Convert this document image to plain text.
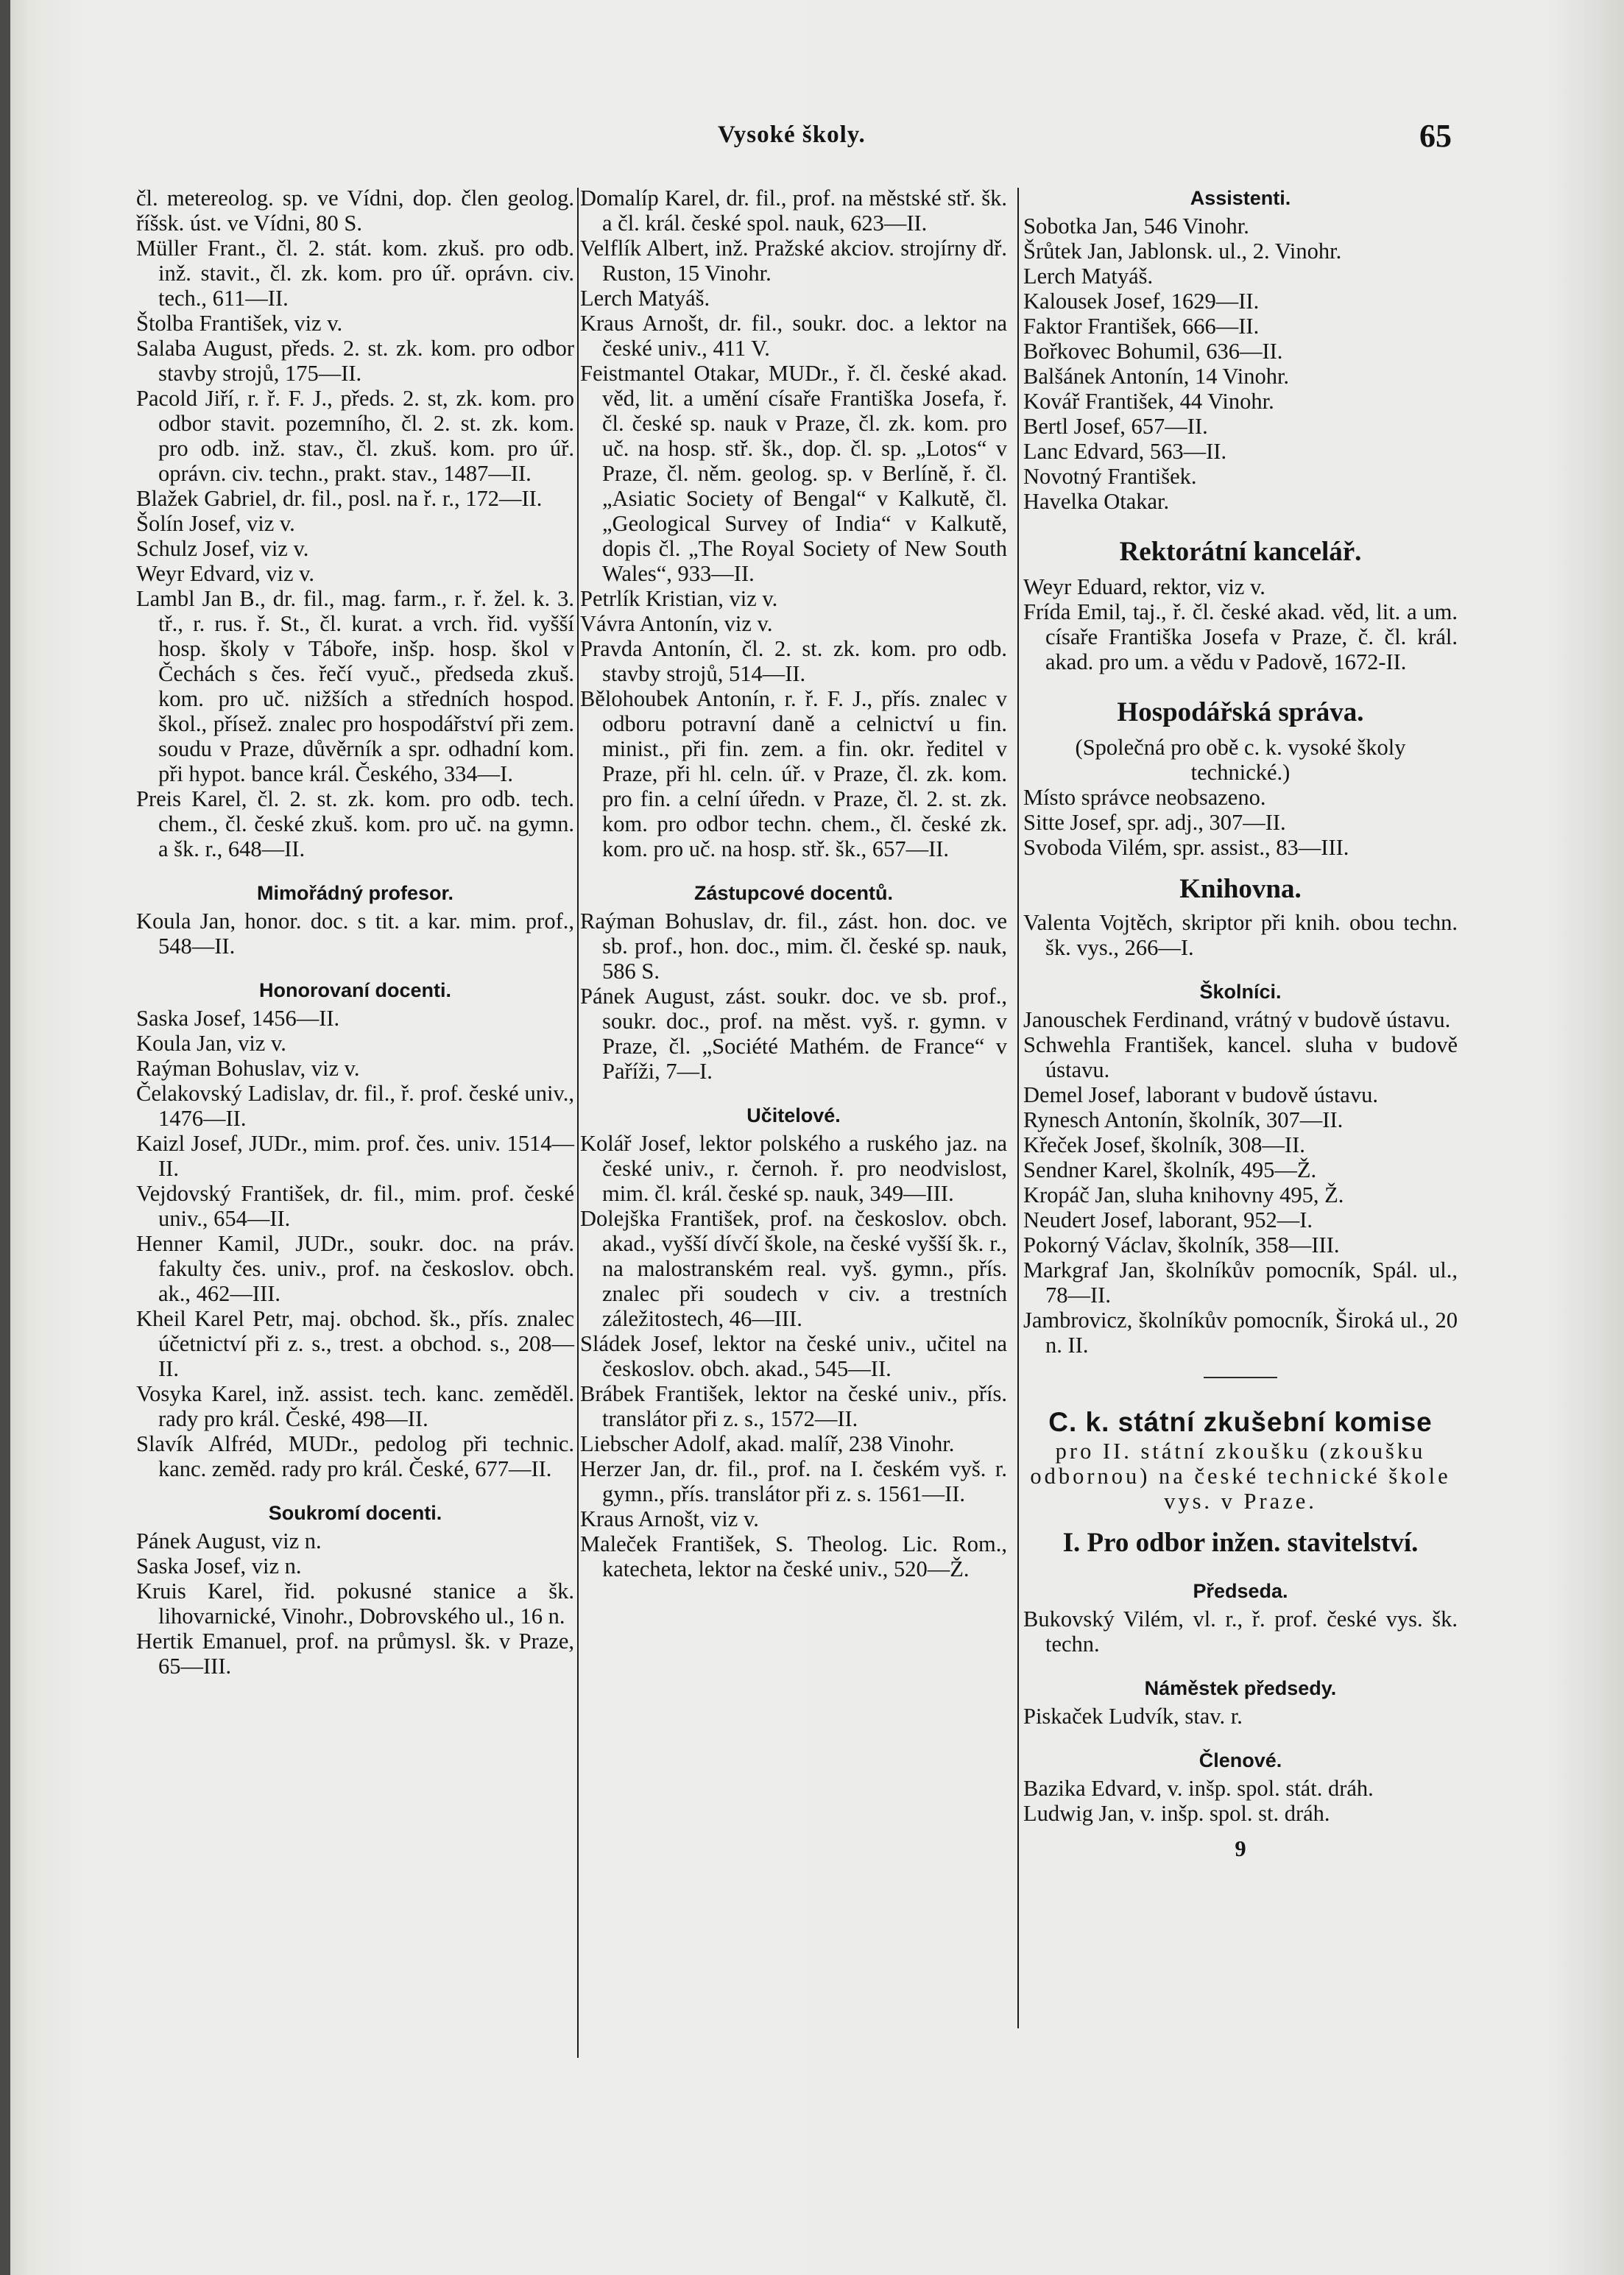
Vysoké školy.	65

čl. metereolog. sp. ve Vídni, dop. člen geolog. říšsk. úst. ve Vídni, 80 S.

Müller Frant., čl. 2. stát. kom. zkuš. pro odb. inž. stavit., čl. zk. kom. pro úř. oprávn. civ. tech., 611—II.

Štolba František, viz v.

Salaba August, předs. 2. st. zk. kom. pro odbor stavby strojů, 175—II.

Pacold Jiří, r. ř. F. J., předs. 2. st, zk. kom. pro odbor stavit. pozemního, čl. 2. st. zk. kom. pro odb. inž. stav., čl. zkuš. kom. pro úř. oprávn. civ. techn., prakt. stav., 1487—II.

Blažek Gabriel, dr. fil., posl. na ř. r., 172—II.

Šolín Josef, viz v.

Schulz Josef, viz v.

Weyr Edvard, viz v.

Lambl Jan B., dr. fil., mag. farm., r. ř. žel. k. 3. tř., r. rus. ř. St., čl. kurat. a vrch. řid. vyšší hosp. školy v Táboře, inšp. hosp. škol v Čechách s čes. řečí vyuč., předseda zkuš. kom. pro uč. nižších a středních hospod. škol., přísež. znalec pro hospodářství při zem. soudu v Praze, důvěrník a spr. odhadní kom. při hypot. bance král. Českého, 334—I.

Preis Karel, čl. 2. st. zk. kom. pro odb. tech. chem., čl. české zkuš. kom. pro uč. na gymn. a šk. r., 648—II.

Mimořádný profesor.

Koula Jan, honor. doc. s tit. a kar. mim. prof., 548—II.

Honorovaní docenti.

Saska Josef, 1456—II.

Koula Jan, viz v.

Raýman Bohuslav, viz v.

Čelakovský Ladislav, dr. fil., ř. prof. české univ., 1476—II.

Kaizl Josef, JUDr., mim. prof. čes. univ. 1514—II.

Vejdovský František, dr. fil., mim. prof. české univ., 654—II.

Henner Kamil, JUDr., soukr. doc. na práv. fakulty čes. univ., prof. na českoslov. obch. ak., 462—III.

Kheil Karel Petr, maj. obchod. šk., přís. znalec účetnictví při z. s., trest. a obchod. s., 208—II.

Vosyka Karel, inž. assist. tech. kanc. zeměděl. rady pro král. České, 498—II.

Slavík Alfréd, MUDr., pedolog při technic. kanc. zeměd. rady pro král. České, 677—II.

Soukromí docenti.

Pánek August, viz n.

Saska Josef, viz n.

Kruis Karel, řid. pokusné stanice a šk. lihovarnické, Vinohr., Dobrovského ul., 16 n.

Hertik Emanuel, prof. na průmysl. šk. v Praze, 65—III.

Domalíp Karel, dr. fil., prof. na městské stř. šk. a čl. král. české spol. nauk, 623—II.

Velflík Albert, inž. Pražské akciov. strojírny dř. Ruston, 15 Vinohr.

Lerch Matyáš.

Kraus Arnošt, dr. fil., soukr. doc. a lektor na české univ., 411 V.

Feistmantel Otakar, MUDr., ř. čl. české akad. věd, lit. a umění císaře Františka Josefa, ř. čl. české sp. nauk v Praze, čl. zk. kom. pro uč. na hosp. stř. šk., dop. čl. sp. „Lotos“ v Praze, čl. něm. geolog. sp. v Berlíně, ř. čl. „Asiatic Society of Bengal“ v Kalkutě, čl. „Geological Survey of India“ v Kalkutě, dopis čl. „The Royal Society of New South Wales“, 933—II.

Petrlík Kristian, viz v.

Vávra Antonín, viz v.

Pravda Antonín, čl. 2. st. zk. kom. pro odb. stavby strojů, 514—II.

Bělohoubek Antonín, r. ř. F. J., přís. znalec v odboru potravní daně a celnictví u fin. minist., při fin. zem. a fin. okr. ředitel v Praze, při hl. celn. úř. v Praze, čl. zk. kom. pro fin. a celní úředn. v Praze, čl. 2. st. zk. kom. pro odbor techn. chem., čl. české zk. kom. pro uč. na hosp. stř. šk., 657—II.

Zástupcové docentů.

Raýman Bohuslav, dr. fil., zást. hon. doc. ve sb. prof., hon. doc., mim. čl. české sp. nauk, 586 S.

Pánek August, zást. soukr. doc. ve sb. prof., soukr. doc., prof. na měst. vyš. r. gymn. v Praze, čl. „Société Mathém. de France“ v Paříži, 7—I.

Učitelové.

Kolář Josef, lektor polského a ruského jaz. na české univ., r. černoh. ř. pro neodvislost, mim. čl. král. české sp. nauk, 349—III.

Dolejška František, prof. na českoslov. obch. akad., vyšší dívčí škole, na české vyšší šk. r., na malostranském real. vyš. gymn., přís. znalec při soudech v civ. a trestních záležitostech, 46—III.

Sládek Josef, lektor na české univ., učitel na českoslov. obch. akad., 545—II.

Brábek František, lektor na české univ., přís. translátor při z. s., 1572—II.

Liebscher Adolf, akad. malíř, 238 Vinohr.

Herzer Jan, dr. fil., prof. na I. českém vyš. r. gymn., přís. translátor při z. s. 1561—II.

Kraus Arnošt, viz v.

Maleček František, S. Theolog. Lic. Rom., katecheta, lektor na české univ., 520—Ž.

Assistenti.

Sobotka Jan, 546 Vinohr.

Šrůtek Jan, Jablonsk. ul., 2. Vinohr.

Lerch Matyáš.

Kalousek Josef, 1629—II.

Faktor František, 666—II.

Bořkovec Bohumil, 636—II.

Balšánek Antonín, 14 Vinohr.

Kovář František, 44 Vinohr.

Bertl Josef, 657—II.

Lanc Edvard, 563—II.

Novotný František.

Havelka Otakar.

Rektorátní kancelář.

Weyr Eduard, rektor, viz v.

Frída Emil, taj., ř. čl. české akad. věd, lit. a um. císaře Františka Josefa v Praze, č. čl. král. akad. pro um. a vědu v Padově, 1672-II.

Hospodářská správa.

(Společná pro obě c. k. vysoké školy technické.)

Místo správce neobsazeno.

Sitte Josef, spr. adj., 307—II.

Svoboda Vilém, spr. assist., 83—III.

Knihovna.

Valenta Vojtěch, skriptor při knih. obou techn. šk. vys., 266—I.

Školníci.

Janouschek Ferdinand, vrátný v budově ústavu.

Schwehla František, kancel. sluha v budově ústavu.

Demel Josef, laborant v budově ústavu.

Rynesch Antonín, školník, 307—II.

Křeček Josef, školník, 308—II.

Sendner Karel, školník, 495—Ž.

Kropáč Jan, sluha knihovny 495, Ž.

Neudert Josef, laborant, 952—I.

Pokorný Václav, školník, 358—III.

Markgraf Jan, školníkův pomocník, Spál. ul., 78—II.

Jambrovicz, školníkův pomocník, Široká ul., 20 n. II.

C. k. státní zkušební komise

pro II. státní zkoušku (zkoušku odbornou) na české technické škole vys. v Praze.

I. Pro odbor inžen. stavitelství.
Předseda.

Bukovský Vilém, vl. r., ř. prof. české vys. šk. techn.

Náměstek předsedy.

Piskaček Ludvík, stav. r.

Členové.

Bazika Edvard, v. inšp. spol. stát. dráh.

Ludwig Jan, v. inšp. spol. st. dráh.

9
